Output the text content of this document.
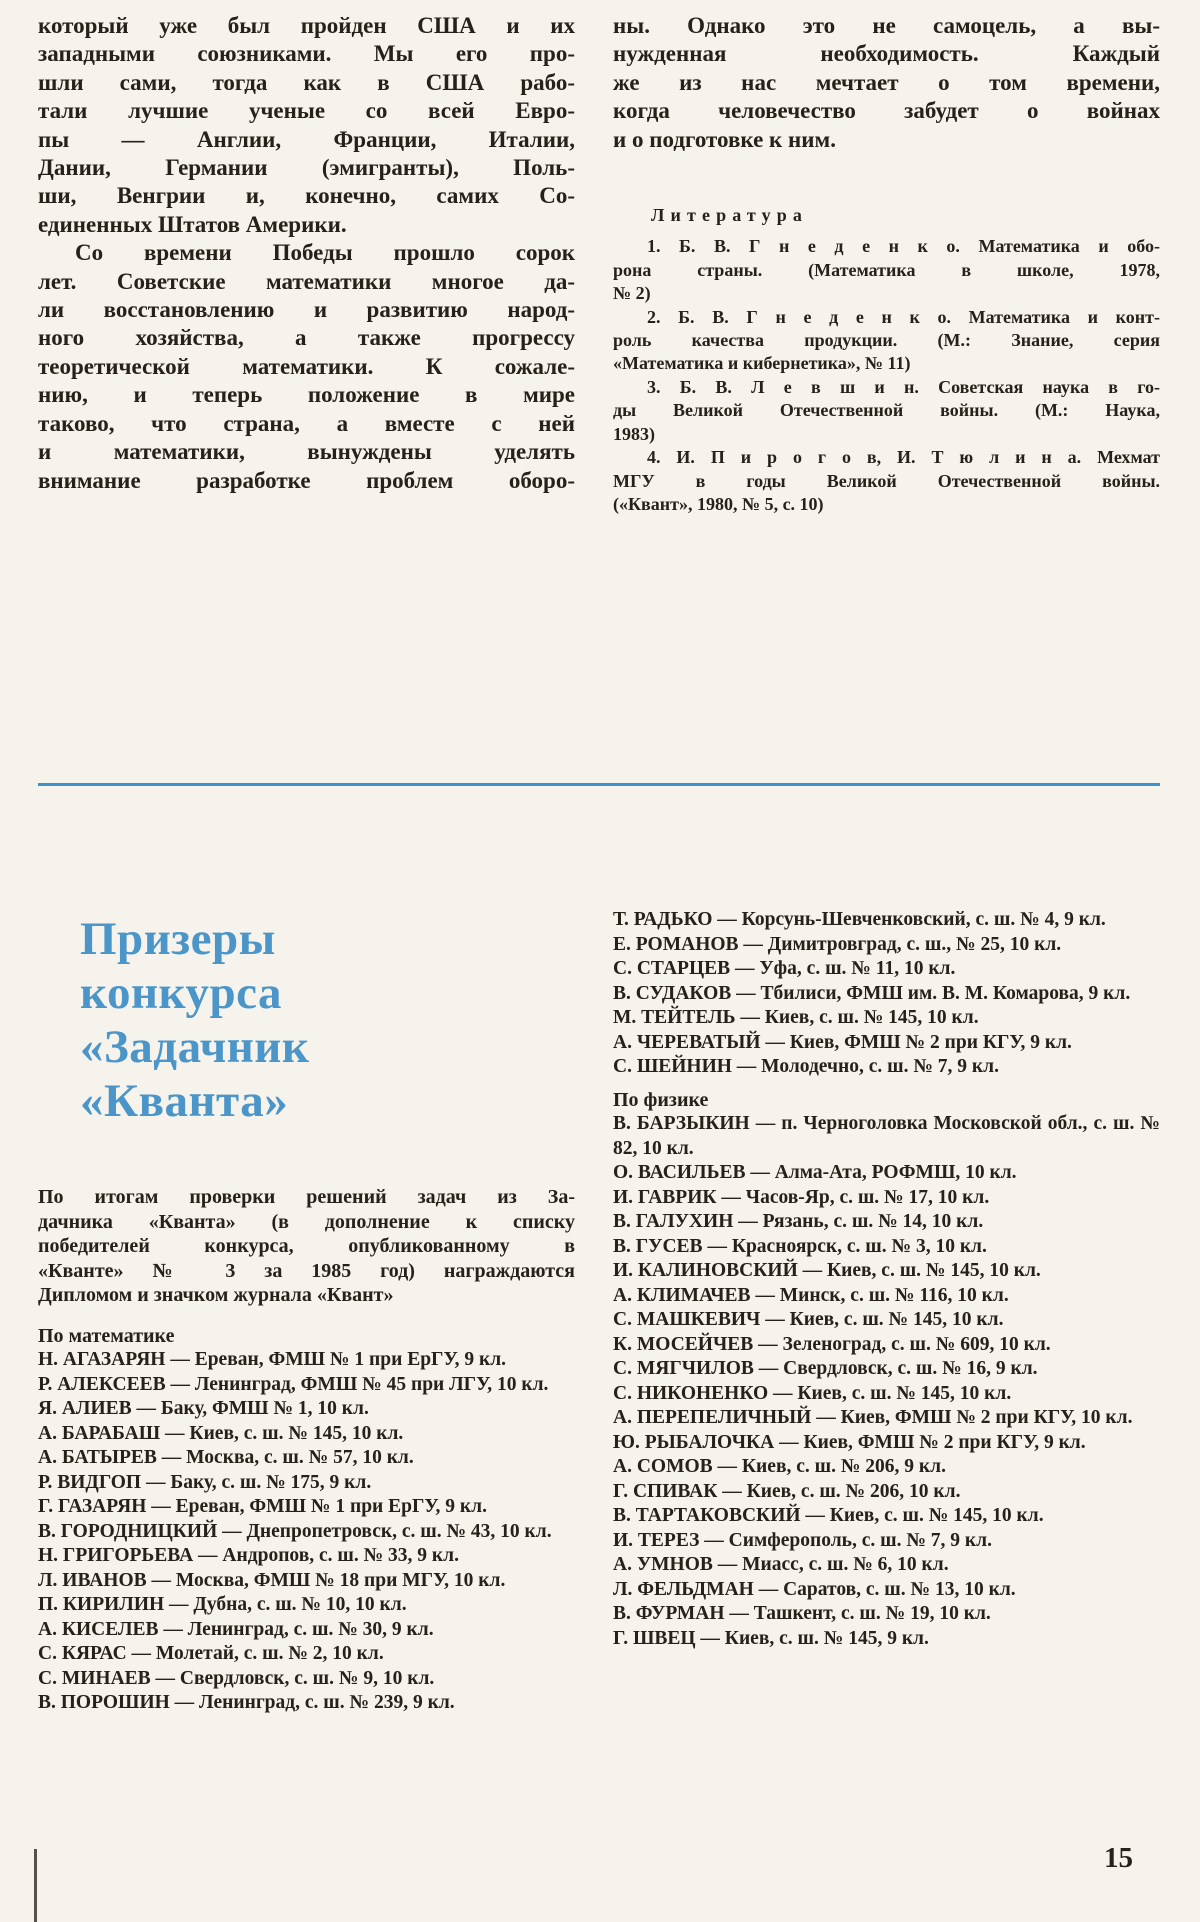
который уже был пройден США и их
западными союзниками. Мы его про-
шли сами, тогда как в США рабо-
тали лучшие ученые со всей Евро-
пы — Англии, Франции, Италии,
Дании, Германии (эмигранты), Поль-
ши, Венгрии и, конечно, самих Со-
единенных Штатов Америки.
Со времени Победы прошло сорок
лет. Советские математики многое да-
ли восстановлению и развитию народ-
ного хозяйства, а также прогрессу
теоретической математики. К сожале-
нию, и теперь положение в мире
таково, что страна, а вместе с ней
и математики, вынуждены уделять
внимание разработке проблем оборо-
ны. Однако это не самоцель, а вы-
нужденная необходимость. Каждый
же из нас мечтает о том времени,
когда человечество забудет о войнах
и о подготовке к ним.
Литература
1. Б. В. Г н е д е н к о. Математика и обо-
рона страны. (Математика в школе, 1978,
№ 2)
2. Б. В. Г н е д е н к о. Математика и конт-
роль качества продукции. (М.: Знание, серия
«Математика и кибернетика», № 11)
3. Б. В. Л е в ш и н. Советская наука в го-
ды Великой Отечественной войны. (М.: Наука,
1983)
4. И. П и р о г о в, И. Т ю л и н а. Мехмат
МГУ в годы Великой Отечественной войны.
(«Квант», 1980, № 5, с. 10)
Призеры
конкурса
«Задачник
«Кванта»
По итогам проверки решений задач из За-
дачника «Кванта» (в дополнение к списку
победителей конкурса, опубликованному в
«Кванте» № 3 за 1985 год) награждаются
Дипломом и значком журнала «Квант»
По математике
Н. АГАЗАРЯН — Ереван, ФМШ № 1 при ЕрГУ, 9 кл.
Р. АЛЕКСЕЕВ — Ленинград, ФМШ № 45 при ЛГУ, 10 кл.
Я. АЛИЕВ — Баку, ФМШ № 1, 10 кл.
А. БАРАБАШ — Киев, с. ш. № 145, 10 кл.
А. БАТЫРЕВ — Москва, с. ш. № 57, 10 кл.
Р. ВИДГОП — Баку, с. ш. № 175, 9 кл.
Г. ГАЗАРЯН — Ереван, ФМШ № 1 при ЕрГУ, 9 кл.
В. ГОРОДНИЦКИЙ — Днепропетровск, с. ш. № 43, 10 кл.
Н. ГРИГОРЬЕВА — Андропов, с. ш. № 33, 9 кл.
Л. ИВАНОВ — Москва, ФМШ № 18 при МГУ, 10 кл.
П. КИРИЛИН — Дубна, с. ш. № 10, 10 кл.
А. КИСЕЛЕВ — Ленинград, с. ш. № 30, 9 кл.
С. КЯРАС — Молетай, с. ш. № 2, 10 кл.
С. МИНАЕВ — Свердловск, с. ш. № 9, 10 кл.
В. ПОРОШИН — Ленинград, с. ш. № 239, 9 кл.
Т. РАДЬКО — Корсунь-Шевченковский, с. ш. № 4, 9 кл.
Е. РОМАНОВ — Димитровград, с. ш., № 25, 10 кл.
С. СТАРЦЕВ — Уфа, с. ш. № 11, 10 кл.
В. СУДАКОВ — Тбилиси, ФМШ им. В. М. Комарова, 9 кл.
М. ТЕЙТЕЛЬ — Киев, с. ш. № 145, 10 кл.
А. ЧЕРЕВАТЫЙ — Киев, ФМШ № 2 при КГУ, 9 кл.
С. ШЕЙНИН — Молодечно, с. ш. № 7, 9 кл.
По физике
В. БАРЗЫКИН — п. Черноголовка Московской обл., с. ш. № 82, 10 кл.
О. ВАСИЛЬЕВ — Алма-Ата, РОФМШ, 10 кл.
И. ГАВРИК — Часов-Яр, с. ш. № 17, 10 кл.
В. ГАЛУХИН — Рязань, с. ш. № 14, 10 кл.
В. ГУСЕВ — Красноярск, с. ш. № 3, 10 кл.
И. КАЛИНОВСКИЙ — Киев, с. ш. № 145, 10 кл.
А. КЛИМАЧЕВ — Минск, с. ш. № 116, 10 кл.
С. МАШКЕВИЧ — Киев, с. ш. № 145, 10 кл.
К. МОСЕЙЧЕВ — Зеленоград, с. ш. № 609, 10 кл.
С. МЯГЧИЛОВ — Свердловск, с. ш. № 16, 9 кл.
С. НИКОНЕНКО — Киев, с. ш. № 145, 10 кл.
А. ПЕРЕПЕЛИЧНЫЙ — Киев, ФМШ № 2 при КГУ, 10 кл.
Ю. РЫБАЛОЧКА — Киев, ФМШ № 2 при КГУ, 9 кл.
А. СОМОВ — Киев, с. ш. № 206, 9 кл.
Г. СПИВАК — Киев, с. ш. № 206, 10 кл.
В. ТАРТАКОВСКИЙ — Киев, с. ш. № 145, 10 кл.
И. ТЕРЕЗ — Симферополь, с. ш. № 7, 9 кл.
А. УМНОВ — Миасс, с. ш. № 6, 10 кл.
Л. ФЕЛЬДМАН — Саратов, с. ш. № 13, 10 кл.
В. ФУРМАН — Ташкент, с. ш. № 19, 10 кл.
Г. ШВЕЦ — Киев, с. ш. № 145, 9 кл.
15
